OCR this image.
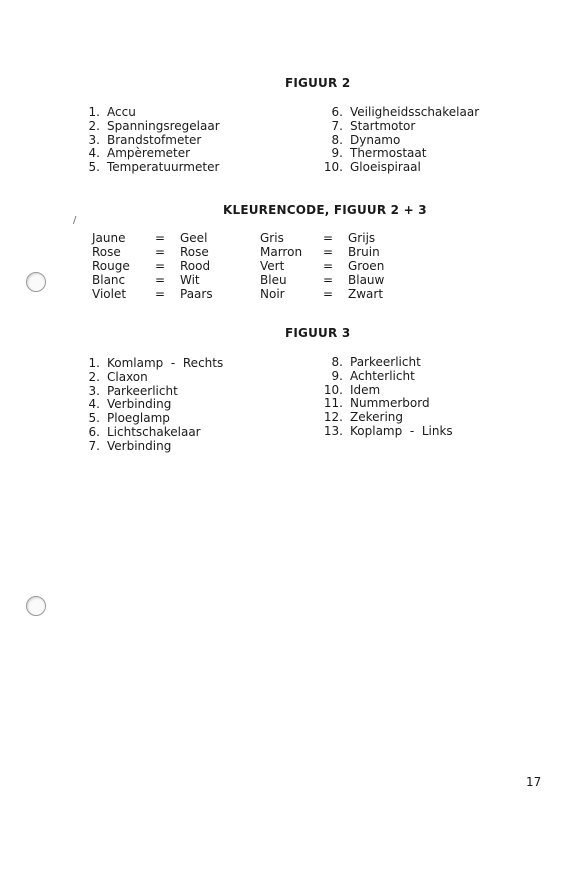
/
FIGUUR 2
1. Accu
2. Spanningsregelaar
3. Brandstofmeter
4. Ampèremeter
5. Temperatuurmeter
6. Veiligheidsschakelaar
7. Startmotor
8. Dynamo
9. Thermostaat
10. Gloeispiraal
KLEURENCODE, FIGUUR 2 + 3
Jaune	=	Geel
Rose	=	Rose
Rouge	=	Rood
Blanc	=	Wit
Violet	=	Paars
Gris	=	Grijs
Marron	=	Bruin
Vert	=	Groen
Bleu	=	Blauw
Noir	=	Zwart
FIGUUR 3
1. Komlamp  -  Rechts
2. Claxon
3. Parkeerlicht
4. Verbinding
5. Ploeglamp
6. Lichtschakelaar
7. Verbinding
8. Parkeerlicht
9. Achterlicht
10. Idem
11. Nummerbord
12. Zekering
13. Koplamp  -  Links
17
